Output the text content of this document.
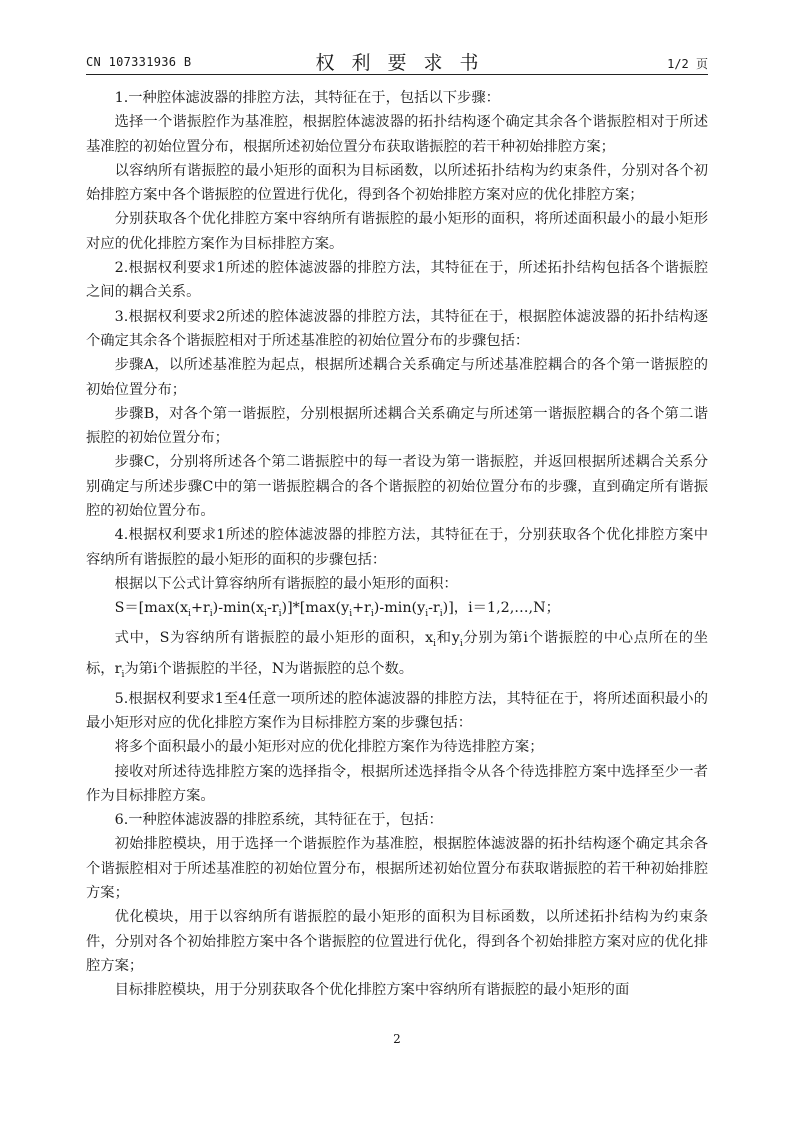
CN 107331936 B	权利要求书	1/2 页

1.一种腔体滤波器的排腔方法，其特征在于，包括以下步骤：

选择一个谐振腔作为基准腔，根据腔体滤波器的拓扑结构逐个确定其余各个谐振腔相对于所述基准腔的初始位置分布，根据所述初始位置分布获取谐振腔的若干种初始排腔方案；

以容纳所有谐振腔的最小矩形的面积为目标函数，以所述拓扑结构为约束条件，分别对各个初始排腔方案中各个谐振腔的位置进行优化，得到各个初始排腔方案对应的优化排腔方案；

分别获取各个优化排腔方案中容纳所有谐振腔的最小矩形的面积，将所述面积最小的最小矩形对应的优化排腔方案作为目标排腔方案。

2.根据权利要求1所述的腔体滤波器的排腔方法，其特征在于，所述拓扑结构包括各个谐振腔之间的耦合关系。

3.根据权利要求2所述的腔体滤波器的排腔方法，其特征在于，根据腔体滤波器的拓扑结构逐个确定其余各个谐振腔相对于所述基准腔的初始位置分布的步骤包括：

步骤A，以所述基准腔为起点，根据所述耦合关系确定与所述基准腔耦合的各个第一谐振腔的初始位置分布；

步骤B，对各个第一谐振腔，分别根据所述耦合关系确定与所述第一谐振腔耦合的各个第二谐振腔的初始位置分布；

步骤C，分别将所述各个第二谐振腔中的每一者设为第一谐振腔，并返回根据所述耦合关系分别确定与所述步骤C中的第一谐振腔耦合的各个谐振腔的初始位置分布的步骤，直到确定所有谐振腔的初始位置分布。

4.根据权利要求1所述的腔体滤波器的排腔方法，其特征在于，分别获取各个优化排腔方案中容纳所有谐振腔的最小矩形的面积的步骤包括：

根据以下公式计算容纳所有谐振腔的最小矩形的面积：

$S=[\max(x_i+r_i)-\min(x_i-r_i)]*[\max(y_i+r_i)-\min(y_i-r_i)]$，i＝1,2,…,N；

式中，S为容纳所有谐振腔的最小矩形的面积，$x_i$和$y_i$分别为第i个谐振腔的中心点所在的坐标，$r_i$为第i个谐振腔的半径，N为谐振腔的总个数。

5.根据权利要求1至4任意一项所述的腔体滤波器的排腔方法，其特征在于，将所述面积最小的最小矩形对应的优化排腔方案作为目标排腔方案的步骤包括：

将多个面积最小的最小矩形对应的优化排腔方案作为待选排腔方案；

接收对所述待选排腔方案的选择指令，根据所述选择指令从各个待选排腔方案中选择至少一者作为目标排腔方案。

6.一种腔体滤波器的排腔系统，其特征在于，包括：

初始排腔模块，用于选择一个谐振腔作为基准腔，根据腔体滤波器的拓扑结构逐个确定其余各个谐振腔相对于所述基准腔的初始位置分布，根据所述初始位置分布获取谐振腔的若干种初始排腔方案；

优化模块，用于以容纳所有谐振腔的最小矩形的面积为目标函数，以所述拓扑结构为约束条件，分别对各个初始排腔方案中各个谐振腔的位置进行优化，得到各个初始排腔方案对应的优化排腔方案；

目标排腔模块，用于分别获取各个优化排腔方案中容纳所有谐振腔的最小矩形的面

2
